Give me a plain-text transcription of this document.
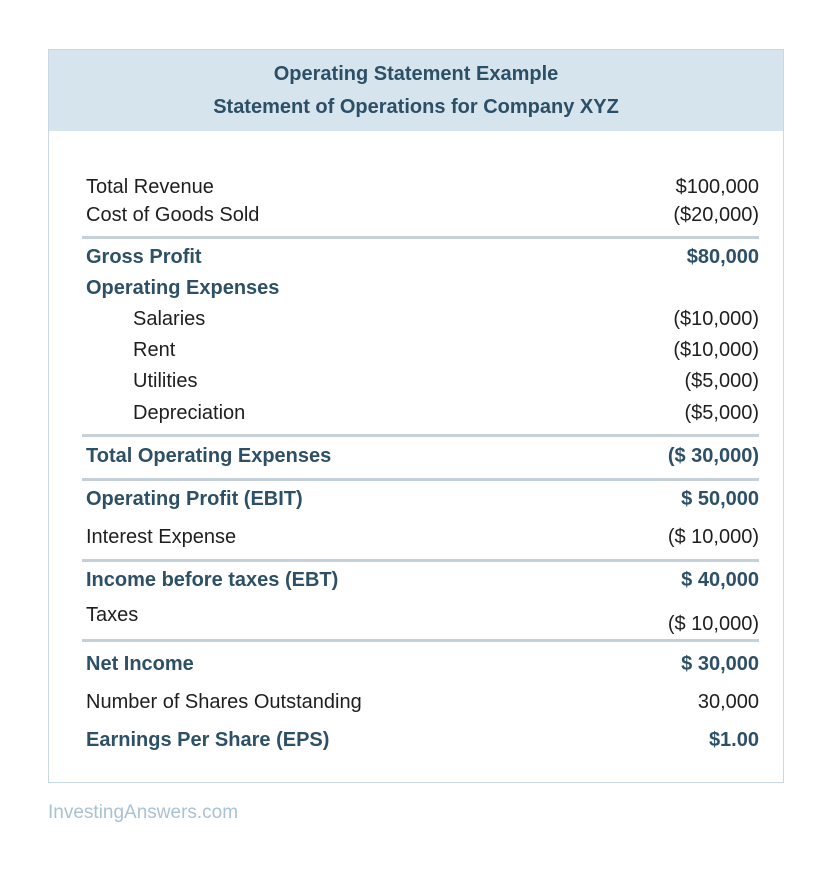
Operating Statement Example
Statement of Operations for Company XYZ
Total Revenue	$100,000
Cost of Goods Sold	($20,000)
Gross Profit	$80,000
Operating Expenses
Salaries	($10,000)
Rent	($10,000)
Utilities	($5,000)
Depreciation	($5,000)
Total Operating Expenses	($ 30,000)
Operating Profit (EBIT)	$ 50,000
Interest Expense	($ 10,000)
Income before taxes (EBT)	$ 40,000
Taxes	($ 10,000)
Net Income	$ 30,000
Number of Shares Outstanding	30,000
Earnings Per Share (EPS)	$1.00
InvestingAnswers.com
